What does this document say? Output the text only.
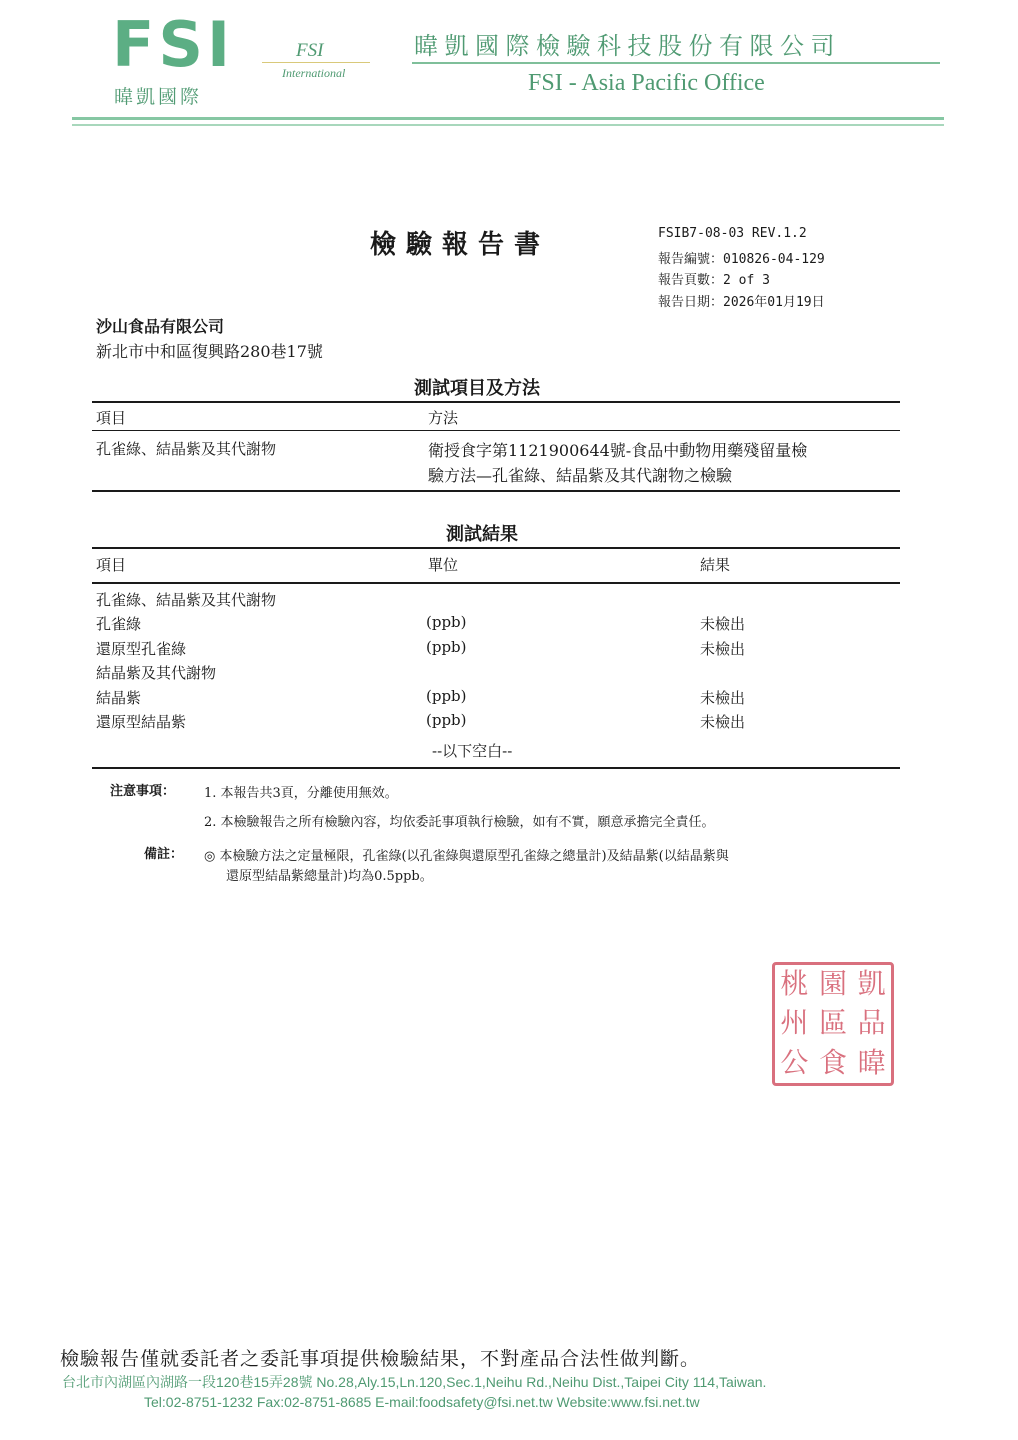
FSI
暐凱國際
FSI
International
暐凱國際檢驗科技股份有限公司
FSI - Asia Pacific Office
檢驗報告書	FSIB7-08-03 REV.1.2
報告編號：010826-04-129
報告頁數：2 of 3
報告日期：2026年01月19日
沙山食品有限公司
新北市中和區復興路280巷17號
測試項目及方法
項目	方法
孔雀綠、結晶紫及其代謝物	衛授食字第1121900644號-食品中動物用藥殘留量檢
驗方法—孔雀綠、結晶紫及其代謝物之檢驗
測試結果
項目	單位	結果
孔雀綠、結晶紫及其代謝物
孔雀綠	(ppb)	未檢出
還原型孔雀綠	(ppb)	未檢出
結晶紫及其代謝物
結晶紫	(ppb)	未檢出
還原型結晶紫	(ppb)	未檢出
--以下空白--
注意事項： 1. 本報告共3頁，分離使用無效。
2. 本檢驗報告之所有檢驗內容，均依委託事項執行檢驗，如有不實，願意承擔完全責任。
備註： ◎ 本檢驗方法之定量極限，孔雀綠(以孔雀綠與還原型孔雀綠之總量計)及結晶紫(以結晶紫與
還原型結晶紫總量計)均為0.5ppb。
桃 園 凱
州 區 品
公 食 暐
檢驗報告僅就委託者之委託事項提供檢驗結果，不對產品合法性做判斷。
台北市內湖區內湖路一段120巷15弄28號 No.28,Aly.15,Ln.120,Sec.1,Neihu Rd.,Neihu Dist.,Taipei City 114,Taiwan.
Tel:02-8751-1232 Fax:02-8751-8685 E-mail:foodsafety@fsi.net.tw Website:www.fsi.net.tw
